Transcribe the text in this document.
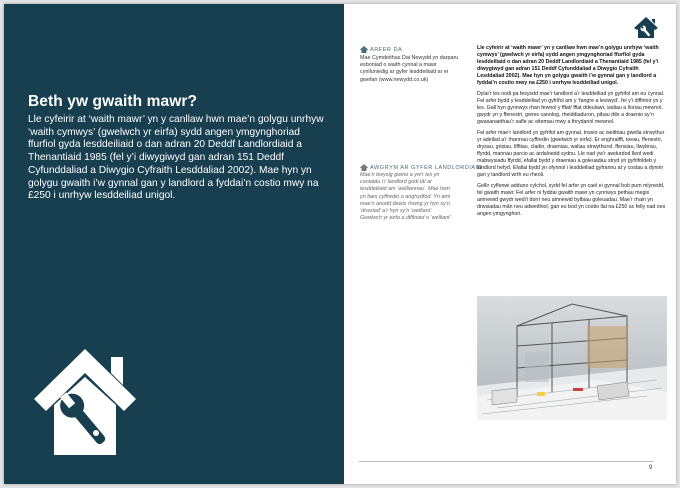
Beth yw gwaith mawr?

Lle cyfeirir at ‘waith mawr’ yn y canllaw hwn mae’n golygu unrhyw ‘waith cymwys’ (gwelwch yr eirfa) sydd angen ymgynghoriad ffurfiol gyda lesddeiliaid o dan adran 20 Deddf Landlordiaid a Thenantiaid 1985 (fel y’i diwygiwyd gan adran 151 Deddf Cyfunddaliad a Diwygio Cyfraith Lesddaliad 2002). Mae hyn yn golygu gwaith i’w gynnal gan y landlord a fyddai’n costio mwy na £250 i unrhyw lesddeiliad unigol.

ARFER DA

Mae Cymdeithas Dai Newydd yn darparu esboniad o waith cynnal a mawr cynlluniedig ar gyfer lesddeiliaid ar ei gwefan (www.newydd.co.uk)

AWGRYM AR GYFER LANDLORDIAID

Mae’n bwysig gwirio a yw’r les yn caniatáu i’r landlord godi tâl ar lesddeiliaid am ‘welliannau’. Mae hwn yn faes cyffredin o anghydfod. Yn aml mae’n anodd dewis rhwng yr hyn sy’n ‘drwsiad’ a’r hyn sy’n ‘welliant’. Gwelwch yr eirfa a diffiniad o ‘welliant’

Lle cyfeirir at ‘waith mawr’ yn y canllaw hwn mae’n golygu unrhyw ‘waith cymwys’ (gwelwch yr eirfa) sydd angen ymgynghoriad ffurfiol gyda lesddeiliaid o dan adran 20 Deddf Landlordiaid a Thenantiaid 1985 (fel y’i diwygiwyd gan adran 151 Deddf Cyfunddaliad a Diwygio Cyfraith Lesddaliad 2002). Mae hyn yn golygu gwaith i’w gynnal gan y landlord a fyddai’n costio mwy na £250 i unrhyw lesddeiliad unigol.

Dylai’r les nodi pa fesysdd mae’r landlord a’r lesddeiliad yn gyfrifol am eu cynnal. Fel arfer bydd y lesddeiliad yn gyfrifol am y ‘fangre a lesiwyd’, fel y’i diffinnir yn y les. Gall hyn gynnwys rhan fewnol y fflat/ fflat ddeulawr, waliau a lloriau mewnol, gwydr yn y ffenestri, gwres canolog, rheiddiaduron, pibau dŵr a draenio sy’n gwasanaethau’r safle ac eitemau mwy a thrydanol mewnol.

Fel arfer mae’r landlord yn gyfrifol am gynnal, trwsio ac weithiau gwella strwythur yr adeilad a’r rhannau cyffredin (gwelwch yr eirfa). Er enghraifft, toeau, ffenestri, drysau, grisiau, lifftiau, cladin, draeniau, waliau strwythurol, ffensiau, llwybrau, ffyrdd, mannau parcio ac ardaloedd sydnu. Lle nad yw’r awdurdod lleol wedi mabwysiadu ffyrdd, efallai bydd y draeniau a goleuadau stryd yn gyfrifoldeb y landlord hefyd. Efallai bydd yn ofynnol i lesddeiliad gyfrannu at y costau a dynnir gan y landlord wrth eu rheoli.

Gellir cyflenwi adduno cylchol, sydd fel arfer yn cael ei gynnal bob pum mlynedd, fel gwaith mawr. Fel arfer ni fyddai gwaith mawr yn cynnwys pethau megis amnewid gwydr wedi’i dorri neu amnewid bylbiau goleuadau. Mae’r rhain yn drwsiadau mân neu adweithiol, gan eu bod yn costio llai na £250 ac felly nad oes angen ymgynghori.

9
